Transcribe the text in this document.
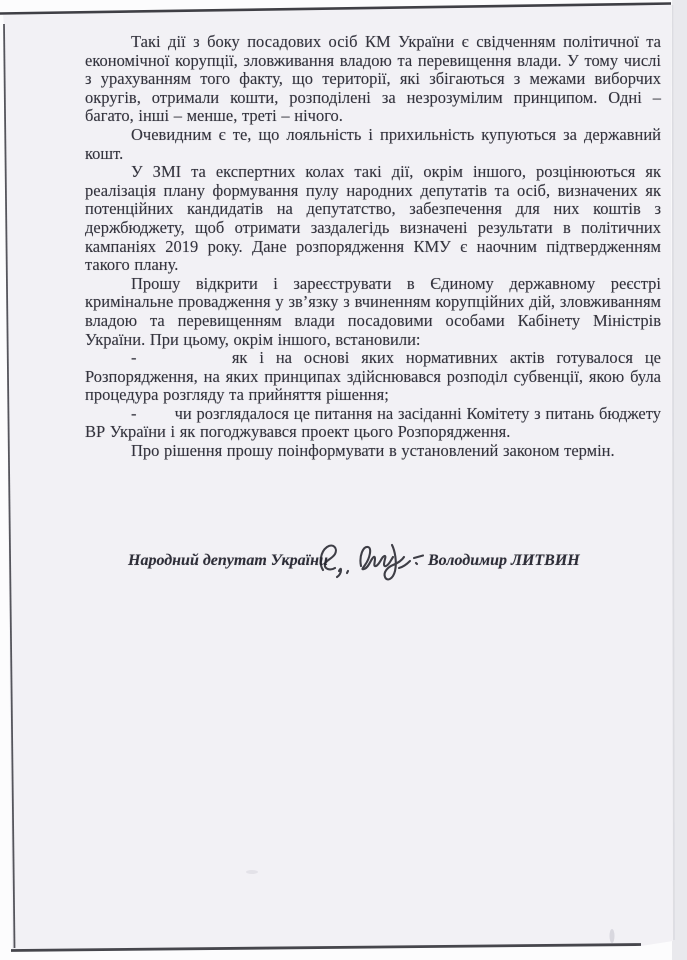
Такі дії з боку посадових осіб КМ України є свідченням політичної та економічної корупції, зловживання владою та перевищення влади. У тому числі з урахуванням того факту, що території, які збігаються з межами виборчих округів, отримали кошти, розподілені за незрозумілим принципом. Одні – багато, інші – менше, треті – нічого.

Очевидним є те, що лояльність і прихильність купуються за державний кошт.

У ЗМІ та експертних колах такі дії, окрім іншого, розцінюються як реалізація плану формування пулу народних депутатів та осіб, визначених як потенційних кандидатів на депутатство, забезпечення для них коштів з держбюджету, щоб отримати заздалегідь визначені результати в політичних кампаніях 2019 року. Дане розпорядження КМУ є наочним підтвердженням такого плану.

Прошу відкрити і зареєструвати в Єдиному державному реєстрі кримінальне провадження у зв’язку з вчиненням корупційних дій, зловживанням владою та перевищенням влади посадовими особами Кабінету Міністрів України. При цьому, окрім іншого, встановили:

-        як і на основі яких нормативних актів готувалося це Розпорядження, на яких принципах здійснювався розподіл субвенції, якою була процедура розгляду та прийняття рішення;

-        чи розглядалося це питання на засіданні Комітету з питань бюджету ВР України і як погоджувався проект цього Розпорядження.

Про рішення прошу поінформувати в установлений законом термін.

Народний депутат України	Володимир ЛИТВИН
